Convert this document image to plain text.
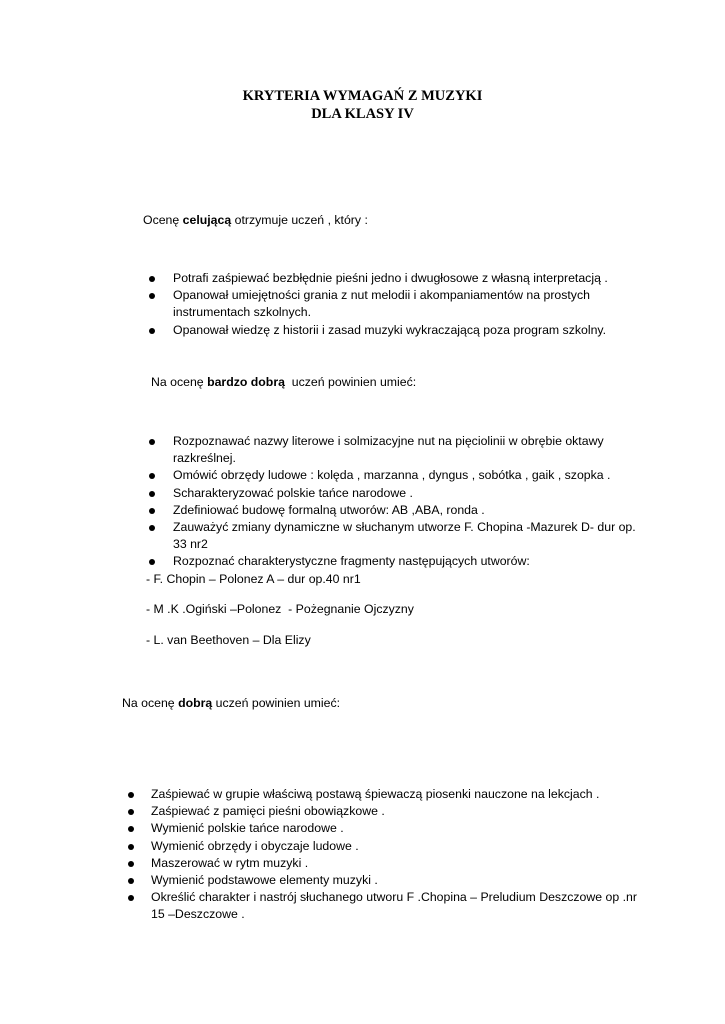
KRYTERIA WYMAGAŃ Z MUZYKI
DLA KLASY IV
Ocenę celującą otrzymuje uczeń , który :
Potrafi zaśpiewać bezbłędnie pieśni jedno i dwugłosowe z własną interpretacją .
Opanował umiejętności grania z nut melodii i akompaniamentów na prostych instrumentach szkolnych.
Opanował wiedzę z historii i zasad muzyki wykraczającą poza program szkolny.
Na ocenę bardzo dobrą  uczeń powinien umieć:
Rozpoznawać nazwy literowe i solmizacyjne nut na pięciolinii w obrębie oktawy razkreślnej.
Omówić obrzędy ludowe : kolęda , marzanna , dyngus , sobótka , gaik , szopka .
Scharakteryzować polskie tańce narodowe .
Zdefiniować budowę formalną utworów: AB ,ABA, ronda .
Zauważyć zmiany dynamiczne w słuchanym utworze F. Chopina -Mazurek D- dur op. 33 nr2
Rozpoznać charakterystyczne fragmenty następujących utworów:
- F. Chopin – Polonez A – dur op.40 nr1
- M .K .Ogiński –Polonez  - Pożegnanie Ojczyzny
- L. van Beethoven – Dla Elizy
Na ocenę dobrą uczeń powinien umieć:
Zaśpiewać w grupie właściwą postawą śpiewaczą piosenki nauczone na lekcjach .
Zaśpiewać z pamięci pieśni obowiązkowe .
Wymienić polskie tańce narodowe .
Wymienić obrzędy i obyczaje ludowe .
Maszerować w rytm muzyki .
Wymienić podstawowe elementy muzyki .
Określić charakter i nastrój słuchanego utworu F .Chopina – Preludium Deszczowe op .nr 15 –Deszczowe .
